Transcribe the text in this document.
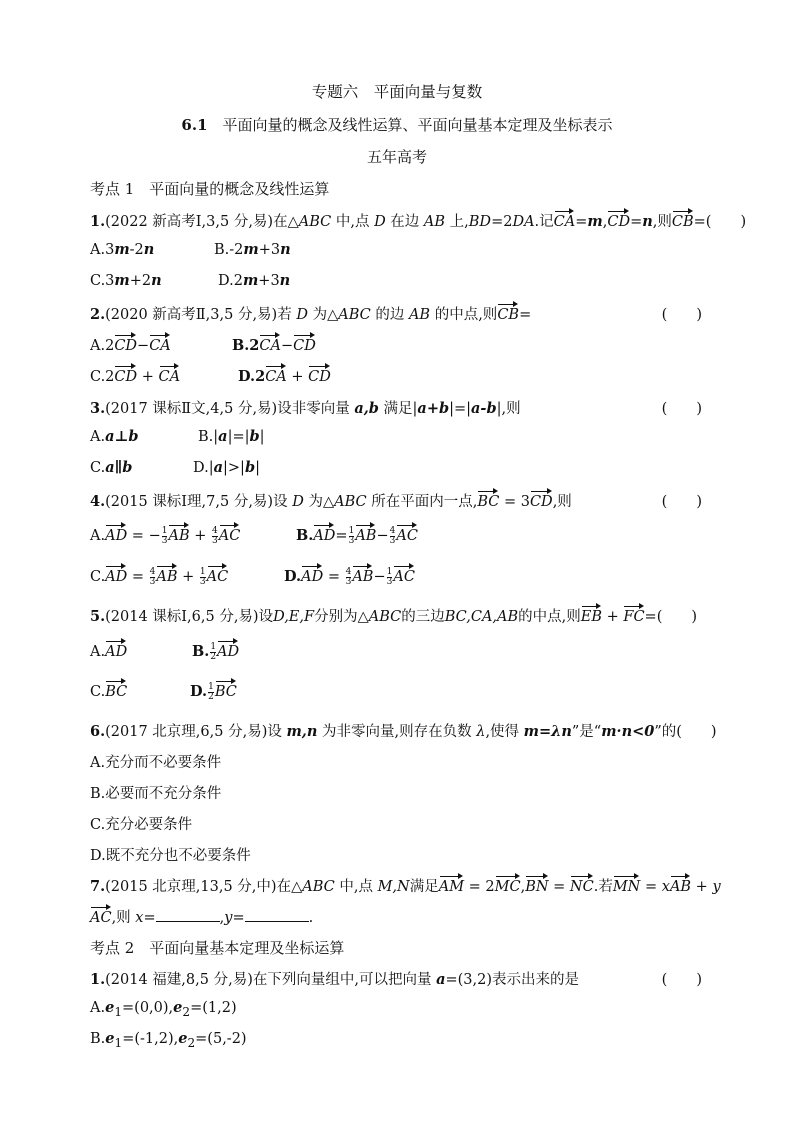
专题六　平面向量与复数
6.1　 平面向量的概念及线性运算、平面向量基本定理及坐标表示
五年高考
考点 1　平面向量的概念及线性运算
1.(2022 新高考Ⅰ,3,5 分,易)在△ABC 中,点 D 在边 AB 上,BD=2DA.记CA=m,CD=n,则CB=(　　)
A.3m-2n	B.-2m+3n
C.3m+2n	D.2m+3n
2.(2020 新高考Ⅱ,3,5 分,易)若 D 为△ABC 的边 AB 的中点,则CB=	(　　)
A.2CD−CA	B.2CA−CD
C.2CD + CA	D.2CA + CD
3.(2017 课标Ⅱ文,4,5 分,易)设非零向量 a,b 满足|a+b|=|a-b|,则	(　　)
A.a⊥b	B.|a|=|b|
C.a∥b	D.|a|>|b|
4.(2015 课标Ⅰ理,7,5 分,易)设 D 为△ABC 所在平面内一点,BC = 3CD,则	(　　)
A.AD = − $\frac{1}{3}$ AB + $\frac{4}{3}$ AC	$B.AD= \frac{1}{3} AB- \frac{4}{3}$ AC
$C.AD = \frac{4}{3}$ AB + $\frac{1}{3}$ AC	$D.AD = \frac{4}{3} AB- \frac{1}{3}$ AC
5.(2014 课标Ⅰ,6,5 分,易)设D,E,F分别为△ABC的三边BC,CA,AB的中点,则EB + FC=(　　)
A.AD	B. $\frac{1}{2}$ AD
C.BC	D. $\frac{1}{2}$ BC
6.(2017 北京理,6,5 分,易)设 m,n 为非零向量,则存在负数 λ,使得 m=λn”是“m·n<0”的(　　)
A.充分而不必要条件
B.必要而不充分条件
C.充分必要条件
D.既不充分也不必要条件
7.(2015 北京理,13,5 分,中)在△ABC 中,点 M,N满足AM = 2MC,BN = NC.若MN = xAB + y
AC,则 x=	,y=	.
考点 2　平面向量基本定理及坐标运算
1.(2014 福建,8,5 分,易)在下列向量组中,可以把向量 a=(3,2)表示出来的是	(　　)
$A.e_1=(0,0),e_2=(1,2)$
$B.e_1=(-1,2),e_2=(5,-2)$
